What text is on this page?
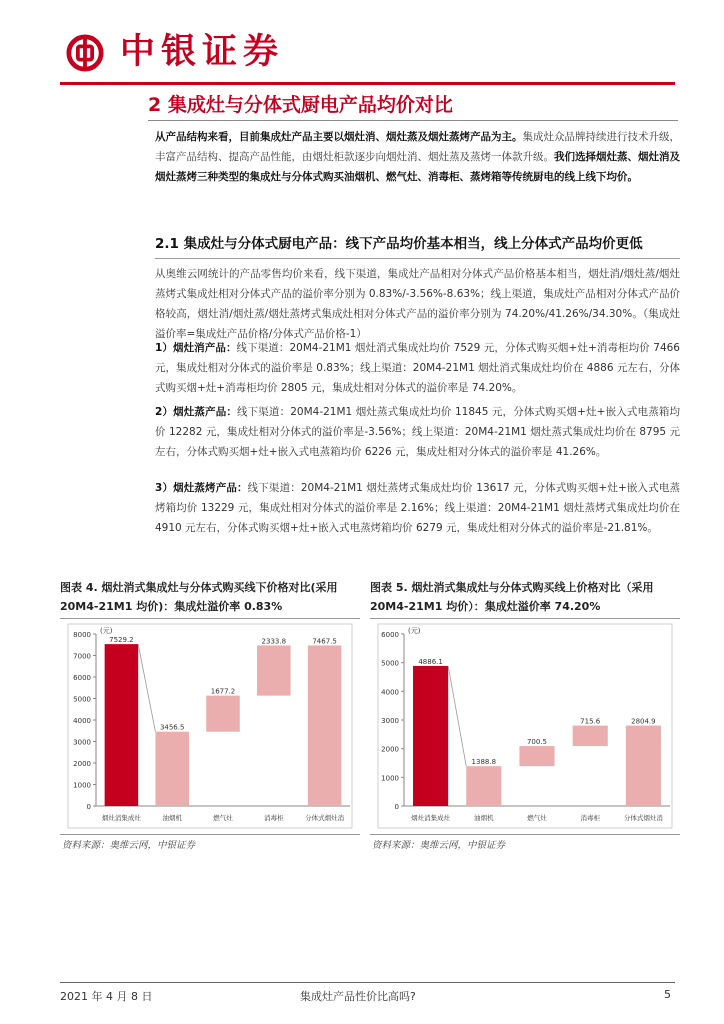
中银证券
2 集成灶与分体式厨电产品均价对比
从产品结构来看，目前集成灶产品主要以烟灶消、烟灶蒸及烟灶蒸烤产品为主。集成灶众品牌持续进行技术升级，丰富产品结构、提高产品性能，由烟灶柜款逐步向烟灶消、烟灶蒸及蒸烤一体款升级。我们选择烟灶蒸、烟灶消及烟灶蒸烤三种类型的集成灶与分体式购买油烟机、燃气灶、消毒柜、蒸烤箱等传统厨电的线上线下均价。
2.1 集成灶与分体式厨电产品：线下产品均价基本相当，线上分体式产品均价更低
从奥维云网统计的产品零售均价来看，线下渠道，集成灶产品相对分体式产品价格基本相当，烟灶消/烟灶蒸/烟灶蒸烤式集成灶相对分体式产品的溢价率分别为 0.83%/-3.56%-8.63%；线上渠道，集成灶产品相对分体式产品价格较高，烟灶消/烟灶蒸/烟灶蒸烤式集成灶相对分体式产品的溢价率分别为 74.20%/41.26%/34.30%。（集成灶溢价率=集成灶产品价格/分体式产品价格-1）
1）烟灶消产品：线下渠道：20M4-21M1 烟灶消式集成灶均价 7529 元，分体式购买烟+灶+消毒柜均价 7466 元，集成灶相对分体式的溢价率是 0.83%；线上渠道：20M4-21M1 烟灶消式集成灶均价在 4886 元左右，分体式购买烟+灶+消毒柜均价 2805 元，集成灶相对分体式的溢价率是 74.20%。
2）烟灶蒸产品：线下渠道：20M4-21M1 烟灶蒸式集成灶均价 11845 元，分体式购买烟+灶+嵌入式电蒸箱均价 12282 元，集成灶相对分体式的溢价率是-3.56%；线上渠道：20M4-21M1 烟灶蒸式集成灶均价在 8795 元左右，分体式购买烟+灶+嵌入式电蒸箱均价 6226 元，集成灶相对分体式的溢价率是 41.26%。
3）烟灶蒸烤产品：线下渠道：20M4-21M1 烟灶蒸烤式集成灶均价 13617 元，分体式购买烟+灶+嵌入式电蒸烤箱均价 13229 元，集成灶相对分体式的溢价率是 2.16%；线上渠道：20M4-21M1 烟灶蒸烤式集成灶均价在 4910 元左右，分体式购买烟+灶+嵌入式电蒸烤箱均价 6279 元，集成灶相对分体式的溢价率是-21.81%。
图表 4. 烟灶消式集成灶与分体式购买线下价格对比(采用 20M4-21M1 均价)：集成灶溢价率 0.83%
0
1000
2000
3000
4000
5000
6000
7000
8000 (元)
7529.2
烟灶消集成灶
3456.5
油烟机
1677.2
燃气灶
2333.8
消毒柜
7467.5
分体式烟灶消
资料来源：奥维云网，中银证券
图表 5. 烟灶消式集成灶与分体式购买线上价格对比（采用 20M4-21M1 均价）：集成灶溢价率 74.20%
0
1000
2000
3000
4000
5000
6000 (元)
4886.1
烟灶消集成灶
1388.8
油烟机
700.5
燃气灶
715.6
消毒柜
2804.9
分体式烟灶消
资料来源：奥维云网，中银证券
2021 年 4 月 8 日	集成灶产品性价比高吗?	5
